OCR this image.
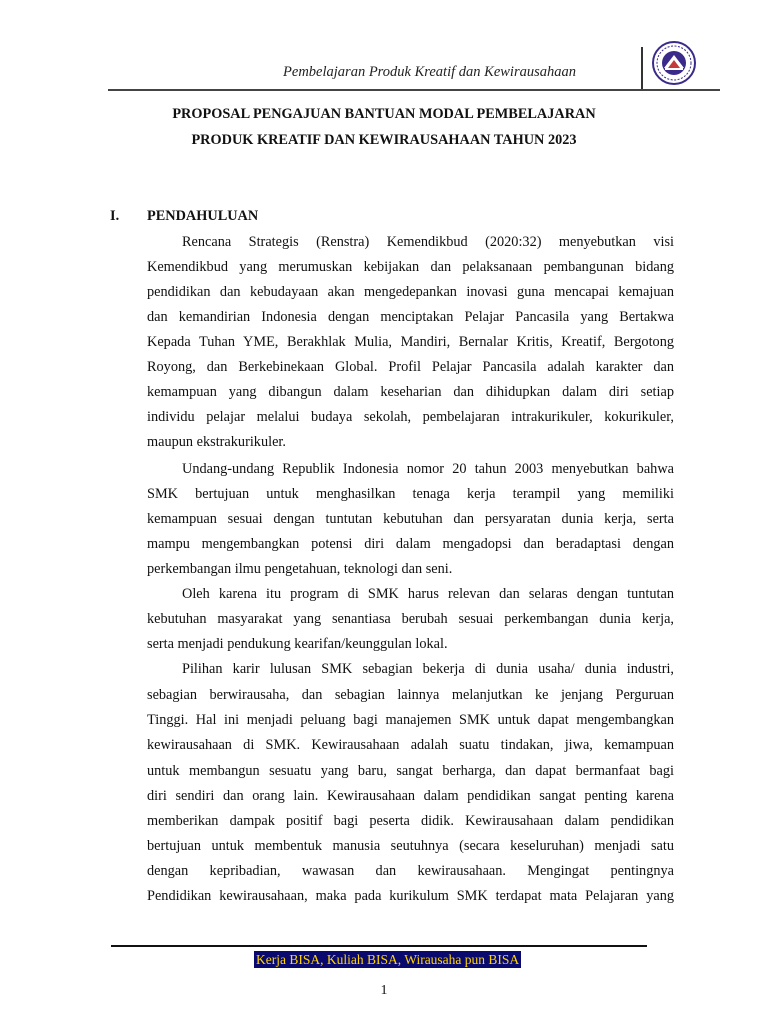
Pembelajaran Produk Kreatif dan Kewirausahaan
PROPOSAL PENGAJUAN BANTUAN MODAL PEMBELAJARAN
PRODUK KREATIF DAN KEWIRAUSAHAAN TAHUN 2023
I. PENDAHULUAN
Rencana Strategis (Renstra) Kemendikbud (2020:32) menyebutkan visi
Kemendikbud yang merumuskan kebijakan dan pelaksanaan pembangunan bidang
pendidikan dan kebudayaan akan mengedepankan inovasi guna mencapai kemajuan
dan kemandirian Indonesia dengan menciptakan Pelajar Pancasila yang Bertakwa
Kepada Tuhan YME, Berakhlak Mulia, Mandiri, Bernalar Kritis, Kreatif, Bergotong
Royong, dan Berkebinekaan Global. Profil Pelajar Pancasila adalah karakter dan
kemampuan yang dibangun dalam keseharian dan dihidupkan dalam diri setiap
individu pelajar melalui budaya sekolah, pembelajaran intrakurikuler, kokurikuler,
maupun ekstrakurikuler.
Undang-undang Republik Indonesia nomor 20 tahun 2003 menyebutkan bahwa
SMK bertujuan untuk menghasilkan tenaga kerja terampil yang memiliki
kemampuan sesuai dengan tuntutan kebutuhan dan persyaratan dunia kerja, serta
mampu mengembangkan potensi diri dalam mengadopsi dan beradaptasi dengan
perkembangan ilmu pengetahuan, teknologi dan seni.
Oleh karena itu program di SMK harus relevan dan selaras dengan tuntutan
kebutuhan masyarakat yang senantiasa berubah sesuai perkembangan dunia kerja,
serta menjadi pendukung kearifan/keunggulan lokal.
Pilihan karir lulusan SMK sebagian bekerja di dunia usaha/ dunia industri,
sebagian berwirausaha, dan sebagian lainnya melanjutkan ke jenjang Perguruan
Tinggi. Hal ini menjadi peluang bagi manajemen SMK untuk dapat mengembangkan
kewirausahaan di SMK. Kewirausahaan adalah suatu tindakan, jiwa, kemampuan
untuk membangun sesuatu yang baru, sangat berharga, dan dapat bermanfaat bagi
diri sendiri dan orang lain. Kewirausahaan dalam pendidikan sangat penting karena
memberikan dampak positif bagi peserta didik. Kewirausahaan dalam pendidikan
bertujuan untuk membentuk manusia seutuhnya (secara keseluruhan) menjadi satu
dengan kepribadian, wawasan dan kewirausahaan. Mengingat pentingnya
Pendidikan kewirausahaan, maka pada kurikulum SMK terdapat mata Pelajaran yang
Kerja BISA, Kuliah BISA, Wirausaha pun BISA
1
